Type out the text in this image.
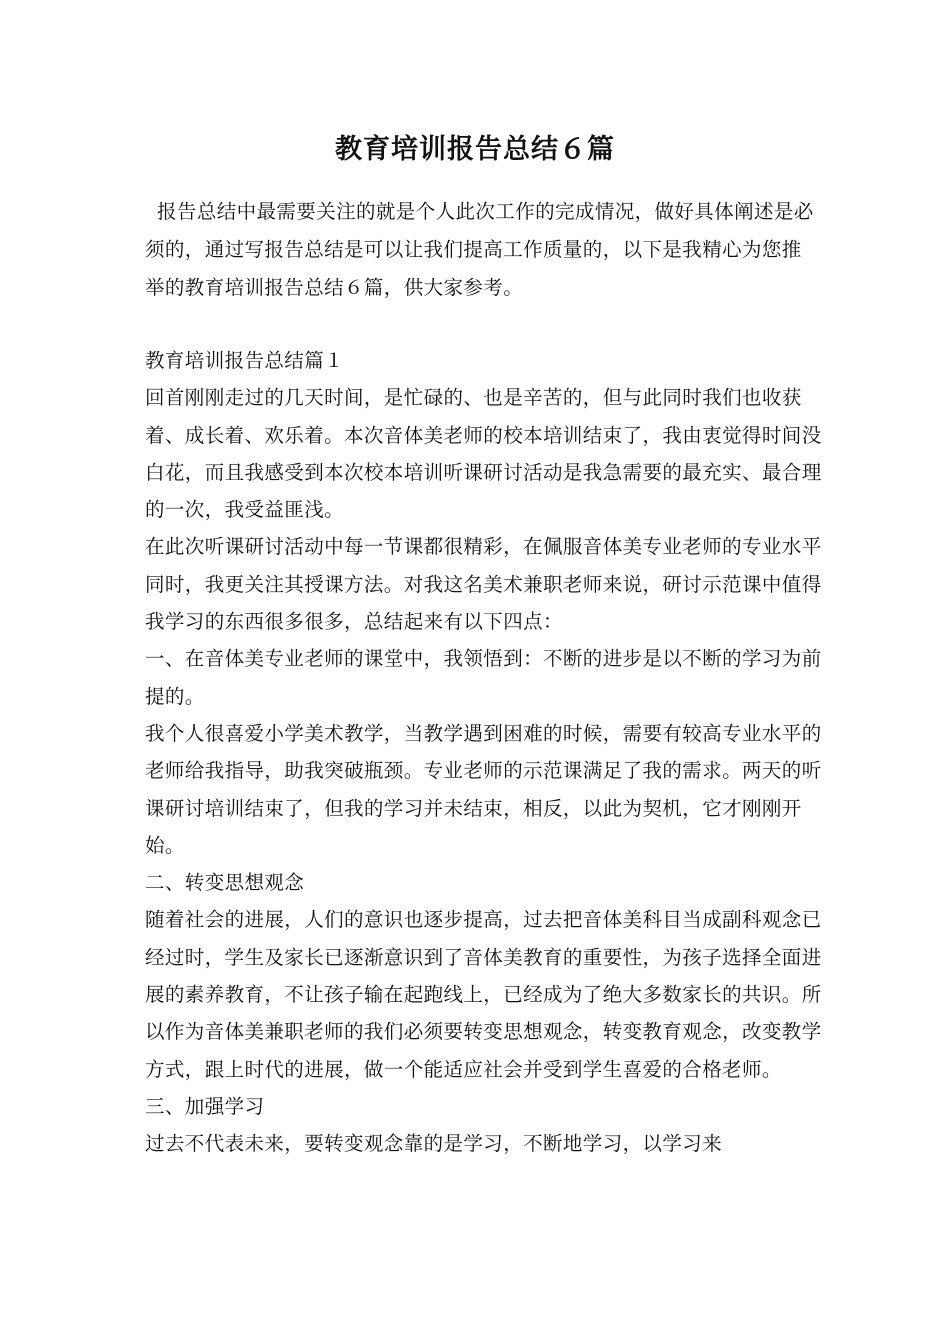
教育培训报告总结６篇

报告总结中最需要关注的就是个人此次工作的完成情况，做好具体阐述是必须的，通过写报告总结是可以让我们提高工作质量的，以下是我精心为您推举的教育培训报告总结６篇，供大家参考。

教育培训报告总结篇１

回首刚刚走过的几天时间，是忙碌的、也是辛苦的，但与此同时我们也收获着、成长着、欢乐着。本次音体美老师的校本培训结束了，我由衷觉得时间没白花，而且我感受到本次校本培训听课研讨活动是我急需要的最充实、最合理的一次，我受益匪浅。

在此次听课研讨活动中每一节课都很精彩，在佩服音体美专业老师的专业水平同时，我更关注其授课方法。对我这名美术兼职老师来说，研讨示范课中值得我学习的东西很多很多，总结起来有以下四点：

一、在音体美专业老师的课堂中，我领悟到：不断的进步是以不断的学习为前提的。

我个人很喜爱小学美术教学，当教学遇到困难的时候，需要有较高专业水平的老师给我指导，助我突破瓶颈。专业老师的示范课满足了我的需求。两天的听课研讨培训结束了，但我的学习并未结束，相反，以此为契机，它才刚刚开始。

二、转变思想观念

随着社会的进展，人们的意识也逐步提高，过去把音体美科目当成副科观念已经过时，学生及家长已逐渐意识到了音体美教育的重要性，为孩子选择全面进展的素养教育，不让孩子输在起跑线上，已经成为了绝大多数家长的共识。所以作为音体美兼职老师的我们必须要转变思想观念，转变教育观念，改变教学方式，跟上时代的进展，做一个能适应社会并受到学生喜爱的合格老师。

三、加强学习

过去不代表未来，要转变观念靠的是学习，不断地学习，以学习来
